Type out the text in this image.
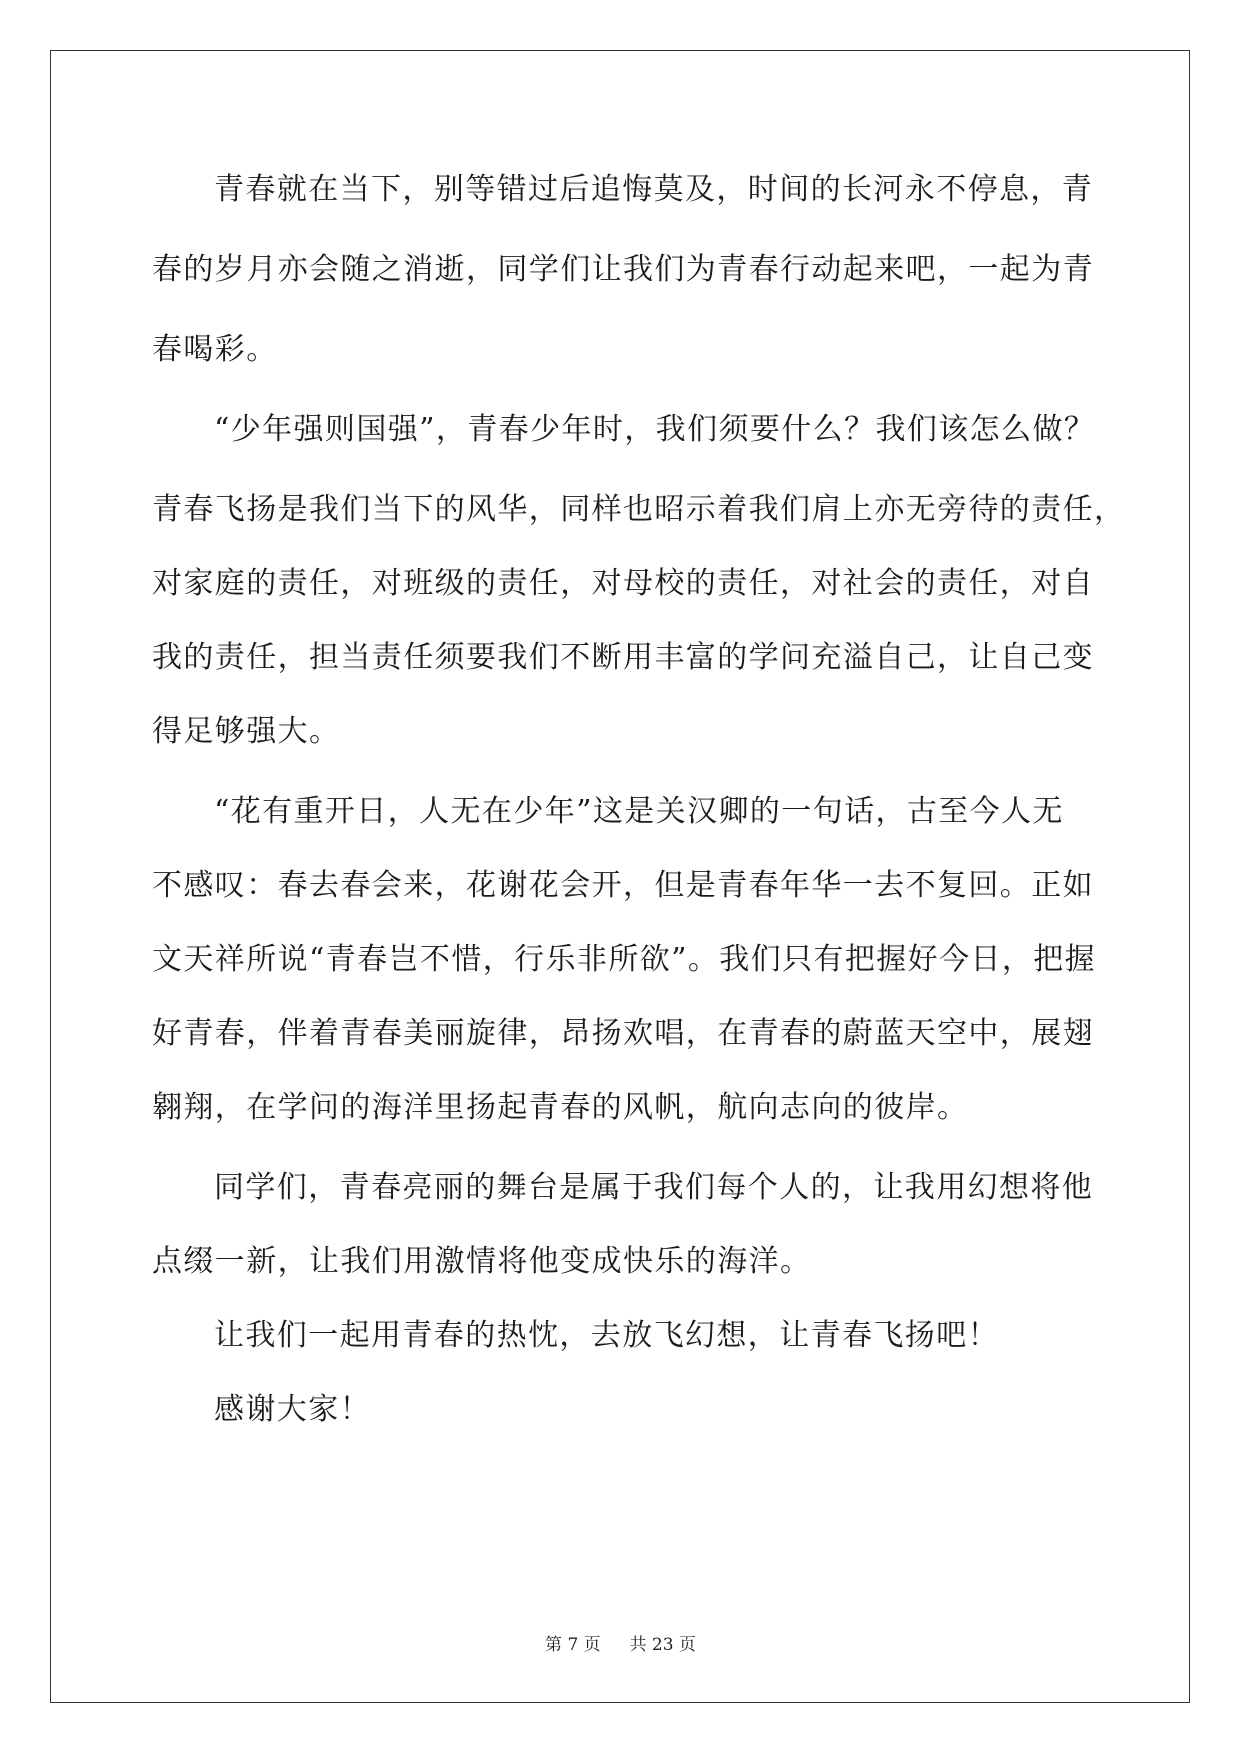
青春就在当下，别等错过后追悔莫及，时间的长河永不停息，青
春的岁月亦会随之消逝，同学们让我们为青春行动起来吧，一起为青
春喝彩。
“少年强则国强”，青春少年时，我们须要什么？我们该怎么做？
青春飞扬是我们当下的风华，同样也昭示着我们肩上亦无旁待的责任，
对家庭的责任，对班级的责任，对母校的责任，对社会的责任，对自
我的责任，担当责任须要我们不断用丰富的学问充溢自己，让自己变
得足够强大。
“花有重开日，人无在少年”这是关汉卿的一句话，古至今人无
不感叹：春去春会来，花谢花会开，但是青春年华一去不复回。正如
文天祥所说“青春岂不惜，行乐非所欲”。我们只有把握好今日，把握
好青春，伴着青春美丽旋律，昂扬欢唱，在青春的蔚蓝天空中，展翅
翱翔，在学问的海洋里扬起青春的风帆，航向志向的彼岸。
同学们，青春亮丽的舞台是属于我们每个人的，让我用幻想将他
点缀一新，让我们用激情将他变成快乐的海洋。
让我们一起用青春的热忱，去放飞幻想，让青春飞扬吧！
感谢大家！
第 7 页 共 23 页
